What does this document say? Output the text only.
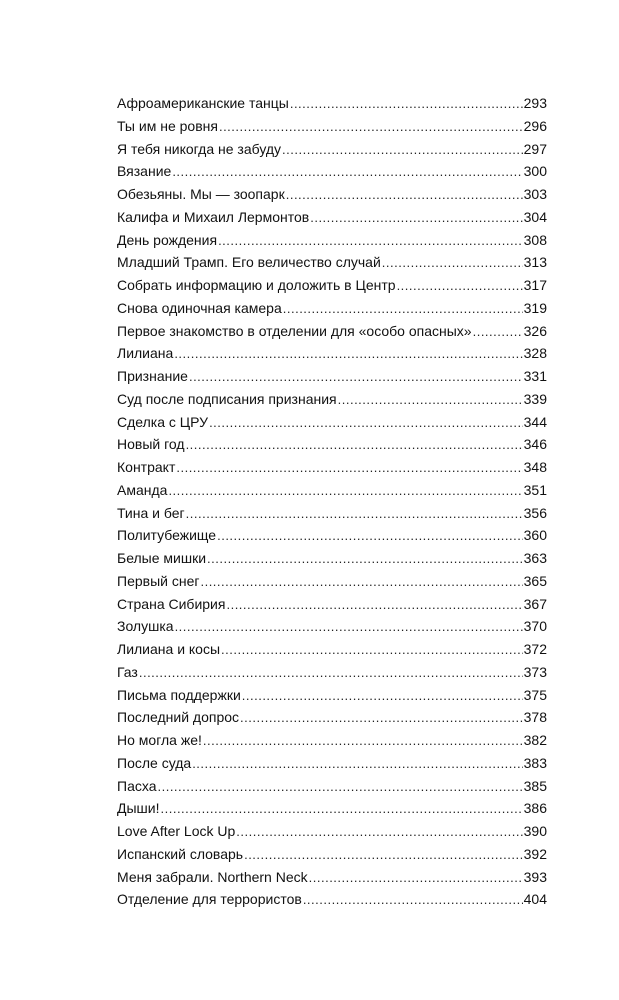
Афроамериканские танцы .....	293
Ты им не ровня .....	296
Я тебя никогда не забуду .....	297
Вязание .....	300
Обезьяны. Мы — зоопарк .....	303
Калифа и Михаил Лермонтов .....	304
День рождения .....	308
Младший Трамп. Его величество случай .....	313
Собрать информацию и доложить в Центр .....	317
Снова одиночная камера .....	319
Первое знакомство в отделении для «особо опасных» .....	326
Лилиана .....	328
Признание .....	331
Суд после подписания признания .....	339
Сделка с ЦРУ .....	344
Новый год .....	346
Контракт .....	348
Аманда .....	351
Тина и бег .....	356
Политубежище .....	360
Белые мишки .....	363
Первый снег .....	365
Страна Сибирия .....	367
Золушка .....	370
Лилиана и косы .....	372
Газ .....	373
Письма поддержки .....	375
Последний допрос .....	378
Но могла же! .....	382
После суда .....	383
Пасха .....	385
Дыши! .....	386
Love After Lock Up .....	390
Испанский словарь .....	392
Меня забрали. Northern Neck .....	393
Отделение для террористов .....	404
